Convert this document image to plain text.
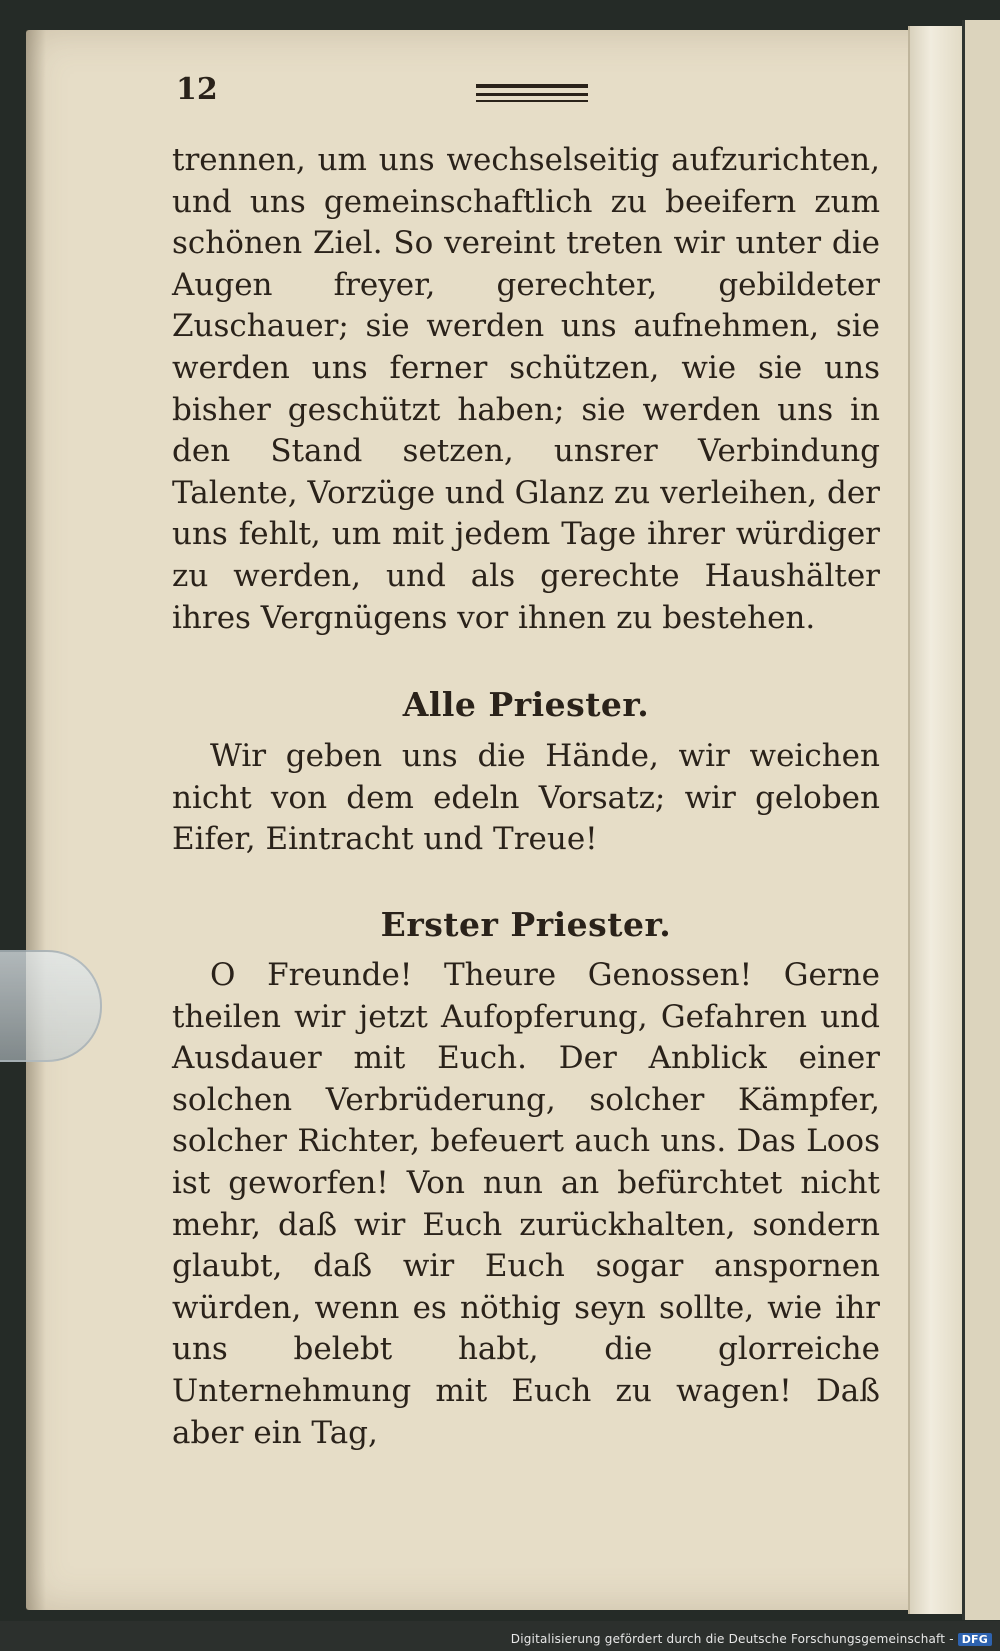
12

trennen, um uns wechselseitig aufzurichten, und uns gemeinschaftlich zu beeifern zum schönen Ziel. So vereint treten wir unter die Augen freyer, gerechter, gebildeter Zuschauer; sie werden uns aufnehmen, sie werden uns ferner schützen, wie sie uns bisher geschützt haben; sie werden uns in den Stand setzen, unsrer Verbindung Talente, Vorzüge und Glanz zu verleihen, der uns fehlt, um mit jedem Tage ihrer würdiger zu werden, und als gerechte Haushälter ihres Vergnügens vor ihnen zu bestehen.

Alle Priester.

Wir geben uns die Hände, wir weichen nicht von dem edeln Vorsatz; wir geloben Eifer, Eintracht und Treue!

Erster Priester.

O Freunde! Theure Genossen! Gerne theilen wir jetzt Aufopferung, Gefahren und Ausdauer mit Euch. Der Anblick einer solchen Verbrüderung, solcher Kämpfer, solcher Richter, befeuert auch uns. Das Loos ist geworfen! Von nun an befürchtet nicht mehr, daß wir Euch zurückhalten, sondern glaubt, daß wir Euch sogar anspornen würden, wenn es nöthig seyn sollte, wie ihr uns belebt habt, die glorreiche Unternehmung mit Euch zu wagen! Daß aber ein Tag,

Digitalisierung gefördert durch die Deutsche Forschungsgemeinschaft - DFG
